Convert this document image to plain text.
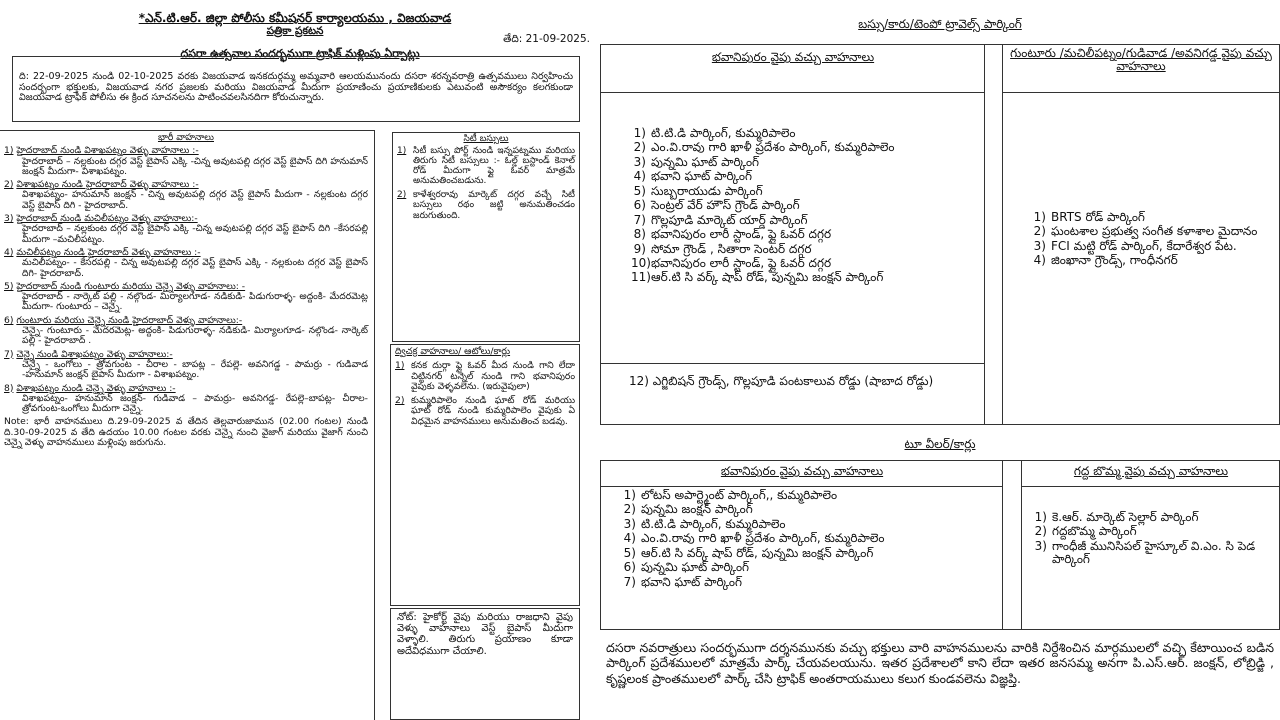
*ఎన్.టి.ఆర్. జిల్లా పోలీసు కమీషనర్ కార్యాలయము , విజయవాడ
పత్రికా ప్రకటన
తేది: 21-09-2025.
దసరా ఉత్సవాల సందర్భముగా ట్రాఫిక్ మళ్లింపు ఏర్పాట్లు
ది: 22-09-2025 నుండి 02-10-2025 వరకు విజయవాడ ఇనకదుర్గమ్మ అమ్మవారి ఆలయమునందు దసరా శరన్నవరాత్రి ఉత్సవములు నిర్వహించు సందర్భంగా భక్తులకు, విజయవాడ నగర ప్రజలకు మరియు విజయవాడ మీదుగా ప్రయాణించు ప్రయాణికులకు ఎటువంటి అసౌకర్యం కలగకుండా విజయవాడ ట్రాఫిక్ పోలీసు ఈ క్రింద సూచనలను పాటించవలసినదిగా కోరుచున్నారు.
భారీ వాహనాలు
1) హైదరాబాద్ నుండి విశాఖపట్నం వెళ్ళు వాహనాలు :-
హైదరాబాద్ – నల్లకుంట దగ్గర వెస్ట్ బైపాస్ ఎక్కి -చిన్న అవుటపల్లి దగ్గర వెస్ట్ బైపాస్ దిగి హనుమాన్ జంక్షన్ మీదుగా- విశాఖపట్నం.
2) విశాఖపట్నం నుండి హైదరాబాద్ వెళ్ళు వాహనాలు :-
విశాఖపట్నం- హనుమాన్ జంక్షన్ - చిన్న అవుటపల్లి దగ్గర వెస్ట్ బైపాస్ మీదుగా - నల్లకుంట దగ్గర వెస్ట్ బైపాస్ దిగి - హైదరాబాద్.
3) హైదరాబాద్ నుండి మచిలీపట్నం వెళ్ళు వాహనాలు:-
హైదరాబాద్ – నల్లకుంట దగ్గర వెస్ట్ బైపాస్ ఎక్కి -చిన్న అవుటపల్లి దగ్గర వెస్ట్ బైపాస్ దిగి –కేసరపల్లి మీదుగా –మచిలీపట్నం.
4) మచిలీపట్నం నుండి హైదరాబాద్ వెళ్ళు వాహనాలు :-
మచిలీపట్నం- - కేసరపల్లి - చిన్న అవుటపల్లి దగ్గర వెస్ట్ బైపాస్ ఎక్కి - నల్లకుంట దగ్గర వెస్ట్ బైపాస్ దిగి- హైదరాబాద్.
5) హైదరాబాద్ నుండి గుంటూరు మరియు చెన్నై వెళ్ళు వాహనాలు: -
హైదరాబాద్ - నార్కెట్ పల్లి - నల్గొండ- మిర్యాలగూడ- నడికుడి- పిడుగురాళ్ళ- అద్దంకి- మేదరమెట్ల మీదుగా- గుంటూరు – చెన్నై.
6) గుంటూరు మరియు చెన్నై నుండి హైదరాబాద్ వెళ్ళు వాహనాలు:-
చెన్నై- గుంటూరు - మేదరమెట్ల- అద్దంకి- పిడుగురాళ్ళ- నడికుడి- మిర్యాలగూడ- నల్గొండ- నార్కెట్ పల్లి - హైదరాబాద్ .
7) చెన్నై నుండి విశాఖపట్నం వెళ్ళు వాహనాలు:-
చెన్నై - ఒంగోలు - త్రోవగుంట - చీరాల - బాపట్ల – రేపల్లె- అవనిగడ్డ - పామర్రు - గుడివాడ -హనుమాన్ జంక్షన్ బైపాస్ మీదుగా - విశాఖపట్నం.
8) విశాఖపట్నం నుండి చెన్నై వెళ్ళు వాహనాలు :-
విశాఖపట్నం- హనుమాన్ జంక్షన్- గుడివాడ – పామర్రు- అవనిగడ్డ- రేపల్లె–బాపట్ల- చీరాల- త్రోవగుంట-ఒంగోలు మీదుగా చెన్నై.
Note: భారీ వాహనములు ది.29-09-2025 వ తేదిన తెల్లవారుజామున (02.00 గంటల) నుండి ది.30-09-2025 వ తేది ఉదయం 10.00 గంటల వరకు చెన్నై నుంచి వైజాగ్ మరియు వైజాగ్ నుంచి చెన్నై వెళ్ళు వాహనములు మళ్లింపు జరుగును.
సిటీ బస్సులు
1) సిటీ బస్సు పోర్ట్ నుండి ఇన్నపట్నము మరియు తిరుగు సిటీ బస్సులు :- ఓల్డ్ బస్టాండ్ కెనాల్ రోడ్ మీదుగా ఫ్లై ఓవర్ మాత్రమే అనుమతించబడును.
2) కాళేశ్వరరావు మార్కెట్ దగ్గర వచ్చే సిటీ బస్సులు రథం జట్టి అనుమతించడం జరుగుతుంది.
ద్విచక్ర వాహనాలు/ ఆటోలు/కార్లు
1) కనక దుర్గా ఫ్లై ఓవర్ మీద నుండి గాని లేదా చిట్టినగర్ టన్నెల్ నుండి గాని భవానిపురం వైపుకు వెళ్ళవలెను. (ఇరువైపులా)
2) కుమ్మరిపాలెం నుండి ఘాట్ రోడ్ మరియు ఘాట్ రోడ్ నుండి కుమ్మరిపాలెం వైపుకు ఏ విధమైన వాహనములు అనుమతించ బడవు.
నోట్: హైకోర్ట్ వైపు మరియు రాజధాని వైపు వెళ్ళు వాహనాలు వెస్ట్ బైపాస్ మీదుగా వెళ్ళాలి. తిరుగు ప్రయాణం కూడా అదేవిధముగా చేయాలి.
బస్సు/కారు/టెంపో ట్రావెల్స్ పార్కింగ్
భవానిపురం వైపు వచ్చు వాహనాలు
1) టి.టి.డి పార్కింగ్, కుమ్మరిపాలెం
2) ఎం.వి.రావు గారి ఖాళీ ప్రదేశం పార్కింగ్, కుమ్మరిపాలెం
3) పున్నమి ఘాట్ పార్కింగ్
4) భవాని ఘాట్ పార్కింగ్
5) సుబ్బరాయుడు పార్కింగ్
6) సెంట్రల్ వేర్ హౌస్ గ్రౌండ్ పార్కింగ్
7) గొల్లపూడి మార్కెట్ యార్డ్ పార్కింగ్
8) భవానిపురం లారీ స్టాండ్, ఫ్లై ఓవర్ దగ్గర
9) సోమా గ్రౌండ్ , సితారా సెంటర్ దగ్గర
10) భవానిపురం లారీ స్టాండ్, ఫ్లై ఓవర్ దగ్గర
11) ఆర్.టి సి వర్క్ షాప్ రోడ్, పున్నమి జంక్షన్ పార్కింగ్
12) ఎగ్జిబిషన్ గ్రౌండ్స్, గొల్లపూడి పంటకాలువ రోడ్డు (షాబాద రోడ్డు)
గుంటూరు /మచిలీపట్నం/గుడివాడ /అవనిగడ్డ వైపు వచ్చు వాహనాలు
1) BRTS రోడ్ పార్కింగ్
2) ఘంటశాల ప్రభుత్వ సంగీత కళాశాల మైదానం
3) FCI మట్టి రోడ్ పార్కింగ్, కేదారేశ్వర పేట.
4) జింఖానా గ్రౌండ్స్, గాంధీనగర్
టూ వీలర్/కార్లు
భవానిపురం వైపు వచ్చు వాహనాలు
1) లోటస్ అపార్ట్మెంట్ పార్కింగ్,, కుమ్మరిపాలెం
2) పున్నమి జంక్షన్ పార్కింగ్
3) టి.టి.డి పార్కింగ్, కుమ్మరిపాలెం
4) ఎం.వి.రావు గారి ఖాళీ ప్రదేశం పార్కింగ్, కుమ్మరిపాలెం
5) ఆర్.టి సి వర్క్ షాప్ రోడ్, పున్నమి జంక్షన్ పార్కింగ్
6) పున్నమి ఘాట్ పార్కింగ్
7) భవాని ఘాట్ పార్కింగ్
గద్ద బొమ్మ వైపు వచ్చు వాహనాలు
1) కె.ఆర్. మార్కెట్ సెల్లార్ పార్కింగ్
2) గద్దబొమ్మ పార్కింగ్
3) గాంధీజీ మునిసిపల్ హైస్కూల్ వి.ఎం. సి పెడ పార్కింగ్
దసరా నవరాత్రులు సందర్భముగా దర్శనమునకు వచ్చు భక్తులు వారి వాహనములను వారికి నిర్దేశించిన మార్గములలో వచ్చి కేటాయించ బడిన పార్కింగ్ ప్రదేశములలో మాత్రమే పార్క్ చేయవలయును. ఇతర ప్రదేశాలలో కాని లేదా ఇతర జనసమ్మ అనగా పి.ఎస్.ఆర్. జంక్షన్, లోబ్రిడ్జి , కృష్ణలంక ప్రాంతములలో పార్క్ చేసి ట్రాఫిక్ అంతరాయములు కలుగ కుండవలెను విజ్ఞప్తి.
